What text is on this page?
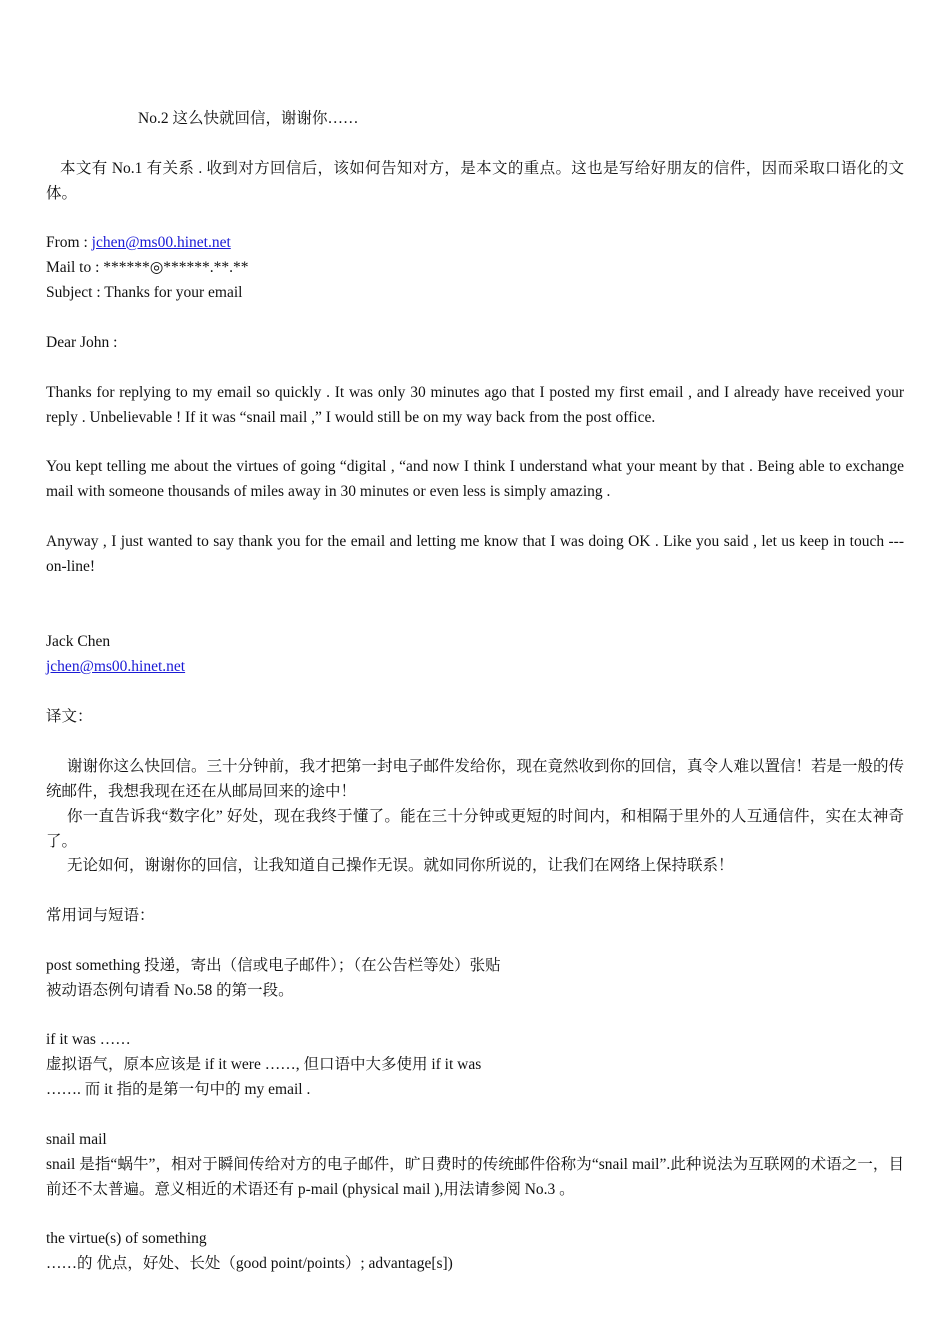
No.2 这么快就回信，谢谢你……
本文有 No.1 有关系 . 收到对方回信后，该如何告知对方，是本文的重点。这也是写给好朋友的信件，因而采取口语化的文体。
From : jchen@ms00.hinet.net
Mail to : ******◎******.**.**
Subject : Thanks for your email
Dear John :
Thanks for replying to my email so quickly . It was only 30 minutes ago that I posted my first email , and I already have received your reply . Unbelievable ! If it was “snail mail ,” I would still be on my way back from the post office.
You kept telling me about the virtues of going “digital , “and now I think I understand what your meant by that . Being able to exchange mail with someone thousands of miles away in 30 minutes or even less is simply amazing .
Anyway , I just wanted to say thank you for the email and letting me know that I was doing OK . Like you said , let us keep in touch ---on-line!
Jack Chen
jchen@ms00.hinet.net
译文：
谢谢你这么快回信。三十分钟前，我才把第一封电子邮件发给你，现在竟然收到你的回信，真令人难以置信！若是一般的传统邮件，我想我现在还在从邮局回来的途中！
你一直告诉我“数字化” 好处，现在我终于懂了。能在三十分钟或更短的时间内，和相隔于里外的人互通信件，实在太神奇了。
无论如何，谢谢你的回信，让我知道自己操作无误。就如同你所说的，让我们在网络上保持联系！
常用词与短语：
post something 投递，寄出（信或电子邮件）；（在公告栏等处）张贴
被动语态例句请看 No.58 的第一段。
if it was ……
虚拟语气，原本应该是 if it were ……, 但口语中大多使用 if it was
……. 而 it 指的是第一句中的 my email .
snail mail
snail 是指“蜗牛”，相对于瞬间传给对方的电子邮件，旷日费时的传统邮件俗称为“snail mail”.此种说法为互联网的术语之一，目前还不太普遍。意义相近的术语还有 p-mail (physical mail ),用法请参阅 No.3 。
the virtue(s) of something
……的 优点，好处、长处（good point/points）; advantage[s])
